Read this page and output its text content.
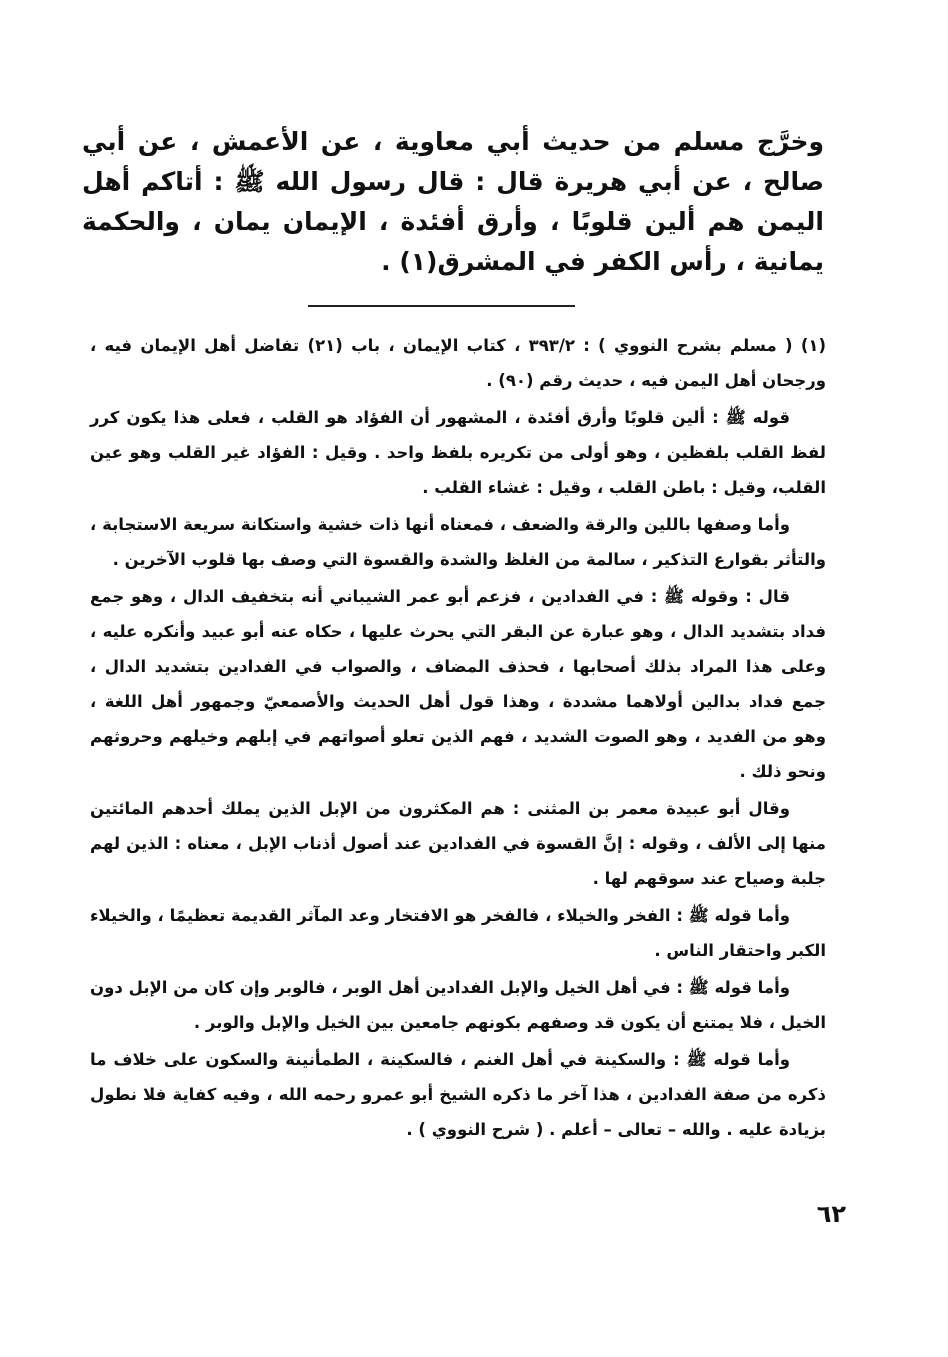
وخرَّج مسلم من حديث أبي معاوية ، عن الأعمش ، عن أبي صالح ، عن أبي هريرة قال : قال رسول الله ﷺ : أتاكم أهل اليمن هم ألين قلوبًا ، وأرق أفئدة ، الإيمان يمان ، والحكمة يمانية ، رأس الكفر في المشرق(١) .

(١) ( مسلم بشرح النووي ) : ٣٩٣/٢ ، كتاب الإيمان ، باب (٢١) تفاضل أهل الإيمان فيه ، ورجحان أهل اليمن فيه ، حديث رقم (٩٠) .

قوله ﷺ : ألين قلوبًا وأرق أفئدة ، المشهور أن الفؤاد هو القلب ، فعلى هذا يكون كرر لفظ القلب بلفظين ، وهو أولى من تكريره بلفظ واحد . وقيل : الفؤاد غير القلب وهو عين القلب، وقيل : باطن القلب ، وقيل : غشاء القلب .

وأما وصفها باللين والرقة والضعف ، فمعناه أنها ذات خشية واستكانة سريعة الاستجابة ، والتأثر بقوارع التذكير ، سالمة من الغلظ والشدة والقسوة التي وصف بها قلوب الآخرين .

قال : وقوله ﷺ : في الفدادين ، فزعم أبو عمر الشيباني أنه بتخفيف الدال ، وهو جمع فداد بتشديد الدال ، وهو عبارة عن البقر التي يحرث عليها ، حكاه عنه أبو عبيد وأنكره عليه ، وعلى هذا المراد بذلك أصحابها ، فحذف المضاف ، والصواب في الفدادين بتشديد الدال ، جمع فداد بدالين أولاهما مشددة ، وهذا قول أهل الحديث والأصمعيّ وجمهور أهل اللغة ، وهو من الفديد ، وهو الصوت الشديد ، فهم الذين تعلو أصواتهم في إبلهم وخيلهم وحروثهم ونحو ذلك .

وقال أبو عبيدة معمر بن المثنى : هم المكثرون من الإبل الذين يملك أحدهم المائتين منها إلى الألف ، وقوله : إنَّ القسوة في الفدادين عند أصول أذناب الإبل ، معناه : الذين لهم جلبة وصياح عند سوقهم لها .

وأما قوله ﷺ : الفخر والخيلاء ، فالفخر هو الافتخار وعد المآثر القديمة تعظيمًا ، والخيلاء الكبر واحتقار الناس .

وأما قوله ﷺ : في أهل الخيل والإبل الفدادين أهل الوبر ، فالوبر وإن كان من الإبل دون الخيل ، فلا يمتنع أن يكون قد وصفهم بكونهم جامعين بين الخيل والإبل والوبر .

وأما قوله ﷺ : والسكينة في أهل الغنم ، فالسكينة ، الطمأنينة والسكون على خلاف ما ذكره من صفة الفدادين ، هذا آخر ما ذكره الشيخ أبو عمرو رحمه الله ، وفيه كفاية فلا نطول بزيادة عليه . والله – تعالى – أعلم . ( شرح النووي ) .

٦٢
